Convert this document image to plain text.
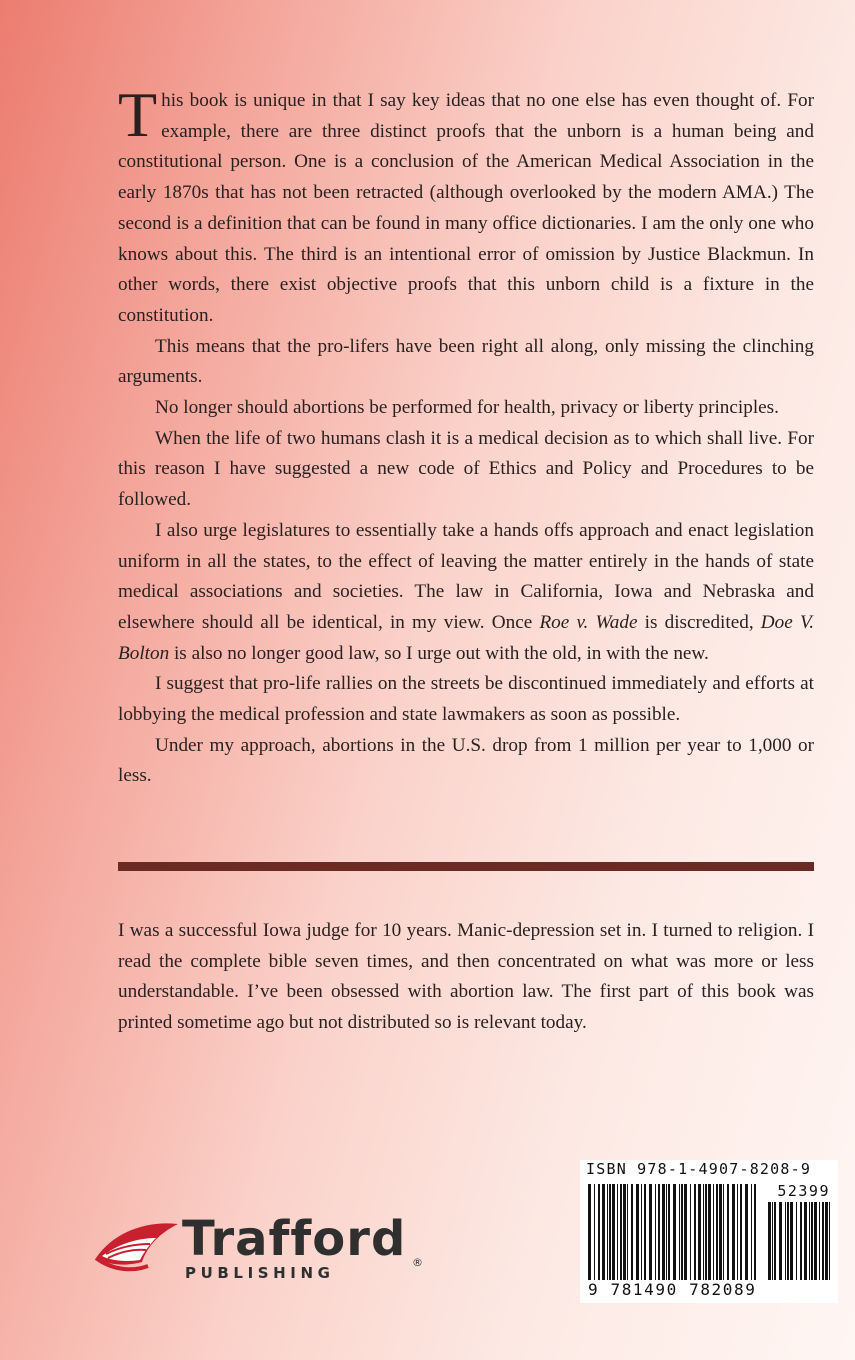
This book is unique in that I say key ideas that no one else has even thought of. For example, there are three distinct proofs that the unborn is a human being and constitutional person. One is a conclusion of the American Medical Association in the early 1870s that has not been retracted (although overlooked by the modern AMA.) The second is a definition that can be found in many office dictionaries. I am the only one who knows about this. The third is an intentional error of omission by Justice Blackmun. In other words, there exist objective proofs that this unborn child is a fixture in the constitution.

This means that the pro-lifers have been right all along, only missing the clinching arguments.

No longer should abortions be performed for health, privacy or liberty principles.

When the life of two humans clash it is a medical decision as to which shall live. For this reason I have suggested a new code of Ethics and Policy and Procedures to be followed.

I also urge legislatures to essentially take a hands offs approach and enact legislation uniform in all the states, to the effect of leaving the matter entirely in the hands of state medical associations and societies. The law in California, Iowa and Nebraska and elsewhere should all be identical, in my view. Once Roe v. Wade is discredited, Doe V. Bolton is also no longer good law, so I urge out with the old, in with the new.

I suggest that pro-life rallies on the streets be discontinued immediately and efforts at lobbying the medical profession and state lawmakers as soon as possible.

Under my approach, abortions in the U.S. drop from 1 million per year to 1,000 or less.

I was a successful Iowa judge for 10 years. Manic-depression set in. I turned to religion. I read the complete bible seven times, and then concentrated on what was more or less understandable. I’ve been obsessed with abortion law. The first part of this book was printed sometime ago but not distributed so is relevant today.

Trafford ®
PUBLISHING
ISBN 978-1-4907-8208-9
52399
9 781490 782089
